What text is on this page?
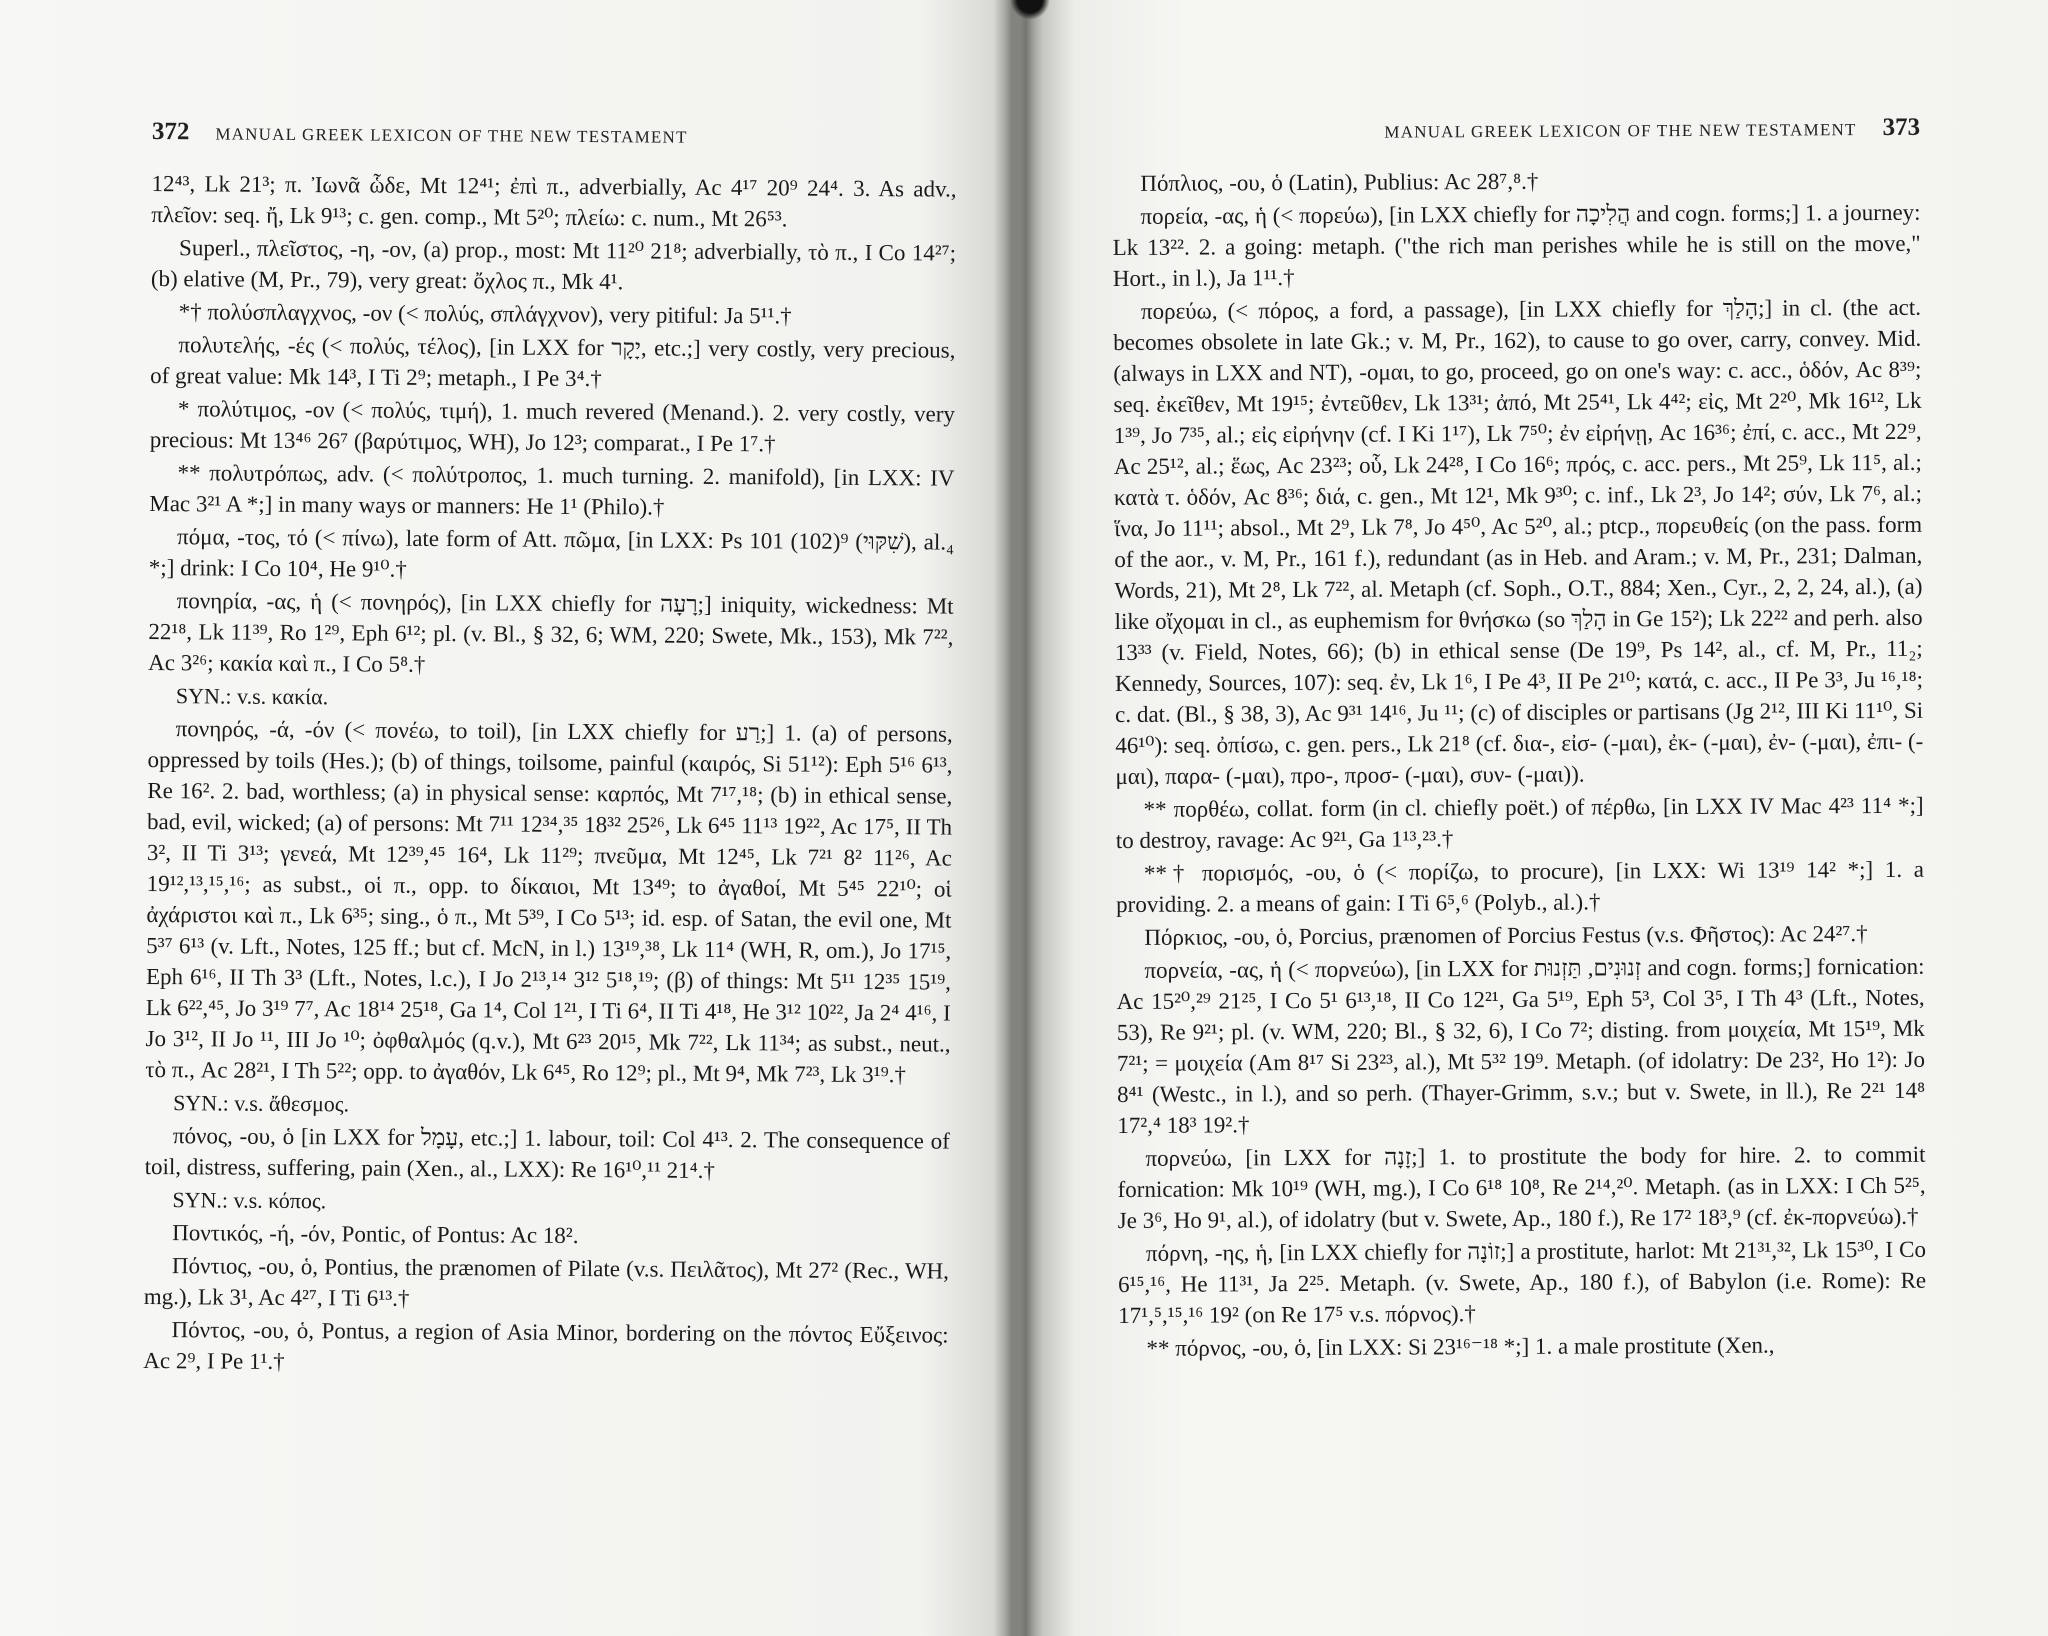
372 MANUAL GREEK LEXICON OF THE NEW TESTAMENT

12⁴³, Lk 21³; π. Ἰωνᾶ ὧδε, Mt 12⁴¹; ἐπὶ π., adverbially, Ac 4¹⁷ 20⁹ 24⁴. 3. As adv., πλεῖον: seq. ἤ, Lk 9¹³; c. gen. comp., Mt 5²⁰; πλείω: c. num., Mt 26⁵³.

Superl., πλεῖστος, -η, -ον, (a) prop., most: Mt 11²⁰ 21⁸; adverbially, τὸ π., I Co 14²⁷; (b) elative (M, Pr., 79), very great: ὄχλος π., Mk 4¹.

*† πολύσπλαγχνος, -ον (< πολύς, σπλάγχνον), very pitiful: Ja 5¹¹.†

πολυτελής, -ές (< πολύς, τέλος), [in LXX for יָקָר, etc.;] very costly, very precious, of great value: Mk 14³, I Ti 2⁹; metaph., I Pe 3⁴.†

* πολύτιμος, -ον (< πολύς, τιμή), 1. much revered (Menand.). 2. very costly, very precious: Mt 13⁴⁶ 26⁷ (βαρύτιμος, WH), Jo 12³; comparat., I Pe 1⁷.†

** πολυτρόπως, adv. (< πολύτροπος, 1. much turning. 2. manifold), [in LXX: IV Mac 3²¹ A *;] in many ways or manners: He 1¹ (Philo).†

πόμα, -τος, τό (< πίνω), late form of Att. πῶμα, [in LXX: Ps 101 (102)⁹ (שִׁקּוּי), al.₄ *;] drink: I Co 10⁴, He 9¹⁰.†

πονηρία, -ας, ἡ (< πονηρός), [in LXX chiefly for רָעָה;] iniquity, wickedness: Mt 22¹⁸, Lk 11³⁹, Ro 1²⁹, Eph 6¹²; pl. (v. Bl., § 32, 6; WM, 220; Swete, Mk., 153), Mk 7²², Ac 3²⁶; κακία καὶ π., I Co 5⁸.†

SYN.: v.s. κακία.

πονηρός, -ά, -όν (< πονέω, to toil), [in LXX chiefly for רַע;] 1. (a) of persons, oppressed by toils (Hes.); (b) of things, toilsome, painful (καιρός, Si 51¹²): Eph 5¹⁶ 6¹³, Re 16². 2. bad, worthless; (a) in physical sense: καρπός, Mt 7¹⁷,¹⁸; (b) in ethical sense, bad, evil, wicked; (a) of persons: Mt 7¹¹ 12³⁴,³⁵ 18³² 25²⁶, Lk 6⁴⁵ 11¹³ 19²², Ac 17⁵, II Th 3², II Ti 3¹³; γενεά, Mt 12³⁹,⁴⁵ 16⁴, Lk 11²⁹; πνεῦμα, Mt 12⁴⁵, Lk 7²¹ 8² 11²⁶, Ac 19¹²,¹³,¹⁵,¹⁶; as subst., οἱ π., opp. to δίκαιοι, Mt 13⁴⁹; to ἀγαθοί, Mt 5⁴⁵ 22¹⁰; οἱ ἀχάριστοι καὶ π., Lk 6³⁵; sing., ὁ π., Mt 5³⁹, I Co 5¹³; id. esp. of Satan, the evil one, Mt 5³⁷ 6¹³ (v. Lft., Notes, 125 ff.; but cf. McN, in l.) 13¹⁹,³⁸, Lk 11⁴ (WH, R, om.), Jo 17¹⁵, Eph 6¹⁶, II Th 3³ (Lft., Notes, l.c.), I Jo 2¹³,¹⁴ 3¹² 5¹⁸,¹⁹; (β) of things: Mt 5¹¹ 12³⁵ 15¹⁹, Lk 6²²,⁴⁵, Jo 3¹⁹ 7⁷, Ac 18¹⁴ 25¹⁸, Ga 1⁴, Col 1²¹, I Ti 6⁴, II Ti 4¹⁸, He 3¹² 10²², Ja 2⁴ 4¹⁶, I Jo 3¹², II Jo ¹¹, III Jo ¹⁰; ὀφθαλμός (q.v.), Mt 6²³ 20¹⁵, Mk 7²², Lk 11³⁴; as subst., neut., τὸ π., Ac 28²¹, I Th 5²²; opp. to ἀγαθόν, Lk 6⁴⁵, Ro 12⁹; pl., Mt 9⁴, Mk 7²³, Lk 3¹⁹.†

SYN.: v.s. ἄθεσμος.

πόνος, -ου, ὁ [in LXX for עָמָל, etc.;] 1. labour, toil: Col 4¹³. 2. The consequence of toil, distress, suffering, pain (Xen., al., LXX): Re 16¹⁰,¹¹ 21⁴.†

SYN.: v.s. κόπος.

Ποντικός, -ή, -όν, Pontic, of Pontus: Ac 18².

Πόντιος, -ου, ὁ, Pontius, the prænomen of Pilate (v.s. Πειλᾶτος), Mt 27² (Rec., WH, mg.), Lk 3¹, Ac 4²⁷, I Ti 6¹³.†

Πόντος, -ου, ὁ, Pontus, a region of Asia Minor, bordering on the πόντος Εὔξεινος: Ac 2⁹, I Pe 1¹.†

MANUAL GREEK LEXICON OF THE NEW TESTAMENT 373

Πόπλιος, -ου, ὁ (Latin), Publius: Ac 28⁷,⁸.†

πορεία, -ας, ἡ (< πορεύω), [in LXX chiefly for הֲלִיכָה and cogn. forms;] 1. a journey: Lk 13²². 2. a going: metaph. ("the rich man perishes while he is still on the move," Hort., in l.), Ja 1¹¹.†

πορεύω, (< πόρος, a ford, a passage), [in LXX chiefly for הָלַךְ;] in cl. (the act. becomes obsolete in late Gk.; v. M, Pr., 162), to cause to go over, carry, convey. Mid. (always in LXX and NT), -ομαι, to go, proceed, go on one's way: c. acc., ὁδόν, Ac 8³⁹; seq. ἐκεῖθεν, Mt 19¹⁵; ἐντεῦθεν, Lk 13³¹; ἀπό, Mt 25⁴¹, Lk 4⁴²; εἰς, Mt 2²⁰, Mk 16¹², Lk 1³⁹, Jo 7³⁵, al.; εἰς εἰρήνην (cf. I Ki 1¹⁷), Lk 7⁵⁰; ἐν εἰρήνῃ, Ac 16³⁶; ἐπί, c. acc., Mt 22⁹, Ac 25¹², al.; ἕως, Ac 23²³; οὗ, Lk 24²⁸, I Co 16⁶; πρός, c. acc. pers., Mt 25⁹, Lk 11⁵, al.; κατὰ τ. ὁδόν, Ac 8³⁶; διά, c. gen., Mt 12¹, Mk 9³⁰; c. inf., Lk 2³, Jo 14²; σύν, Lk 7⁶, al.; ἵνα, Jo 11¹¹; absol., Mt 2⁹, Lk 7⁸, Jo 4⁵⁰, Ac 5²⁰, al.; ptcp., πορευθείς (on the pass. form of the aor., v. M, Pr., 161 f.), redundant (as in Heb. and Aram.; v. M, Pr., 231; Dalman, Words, 21), Mt 2⁸, Lk 7²², al. Metaph (cf. Soph., O.T., 884; Xen., Cyr., 2, 2, 24, al.), (a) like οἴχομαι in cl., as euphemism for θνήσκω (so הָלַךְ in Ge 15²); Lk 22²² and perh. also 13³³ (v. Field, Notes, 66); (b) in ethical sense (De 19⁹, Ps 14², al., cf. M, Pr., 11₂; Kennedy, Sources, 107): seq. ἐν, Lk 1⁶, I Pe 4³, II Pe 2¹⁰; κατά, c. acc., II Pe 3³, Ju ¹⁶,¹⁸; c. dat. (Bl., § 38, 3), Ac 9³¹ 14¹⁶, Ju ¹¹; (c) of disciples or partisans (Jg 2¹², III Ki 11¹⁰, Si 46¹⁰): seq. ὀπίσω, c. gen. pers., Lk 21⁸ (cf. δια-, εἰσ- (-μαι), ἐκ- (-μαι), ἐν- (-μαι), ἐπι- (-μαι), παρα- (-μαι), προ-, προσ- (-μαι), συν- (-μαι)).

** πορθέω, collat. form (in cl. chiefly poët.) of πέρθω, [in LXX IV Mac 4²³ 11⁴ *;] to destroy, ravage: Ac 9²¹, Ga 1¹³,²³.†

**† πορισμός, -ου, ὁ (< πορίζω, to procure), [in LXX: Wi 13¹⁹ 14² *;] 1. a providing. 2. a means of gain: I Ti 6⁵,⁶ (Polyb., al.).†

Πόρκιος, -ου, ὁ, Porcius, prænomen of Porcius Festus (v.s. Φῆστος): Ac 24²⁷.†

πορνεία, -ας, ἡ (< πορνεύω), [in LXX for זְנוּנִים, תַּזְנוּת and cogn. forms;] fornication: Ac 15²⁰,²⁹ 21²⁵, I Co 5¹ 6¹³,¹⁸, II Co 12²¹, Ga 5¹⁹, Eph 5³, Col 3⁵, I Th 4³ (Lft., Notes, 53), Re 9²¹; pl. (v. WM, 220; Bl., § 32, 6), I Co 7²; disting. from μοιχεία, Mt 15¹⁹, Mk 7²¹; = μοιχεία (Am 8¹⁷ Si 23²³, al.), Mt 5³² 19⁹. Metaph. (of idolatry: De 23², Ho 1²): Jo 8⁴¹ (Westc., in l.), and so perh. (Thayer-Grimm, s.v.; but v. Swete, in ll.), Re 2²¹ 14⁸ 17²,⁴ 18³ 19².†

πορνεύω, [in LXX for זָנָה;] 1. to prostitute the body for hire. 2. to commit fornication: Mk 10¹⁹ (WH, mg.), I Co 6¹⁸ 10⁸, Re 2¹⁴,²⁰. Metaph. (as in LXX: I Ch 5²⁵, Je 3⁶, Ho 9¹, al.), of idolatry (but v. Swete, Ap., 180 f.), Re 17² 18³,⁹ (cf. ἐκ-πορνεύω).†

πόρνη, -ης, ἡ, [in LXX chiefly for זוֹנָה;] a prostitute, harlot: Mt 21³¹,³², Lk 15³⁰, I Co 6¹⁵,¹⁶, He 11³¹, Ja 2²⁵. Metaph. (v. Swete, Ap., 180 f.), of Babylon (i.e. Rome): Re 17¹,⁵,¹⁵,¹⁶ 19² (on Re 17⁵ v.s. πόρνος).†

** πόρνος, -ου, ὁ, [in LXX: Si 23¹⁶⁻¹⁸ *;] 1. a male prostitute (Xen.,
